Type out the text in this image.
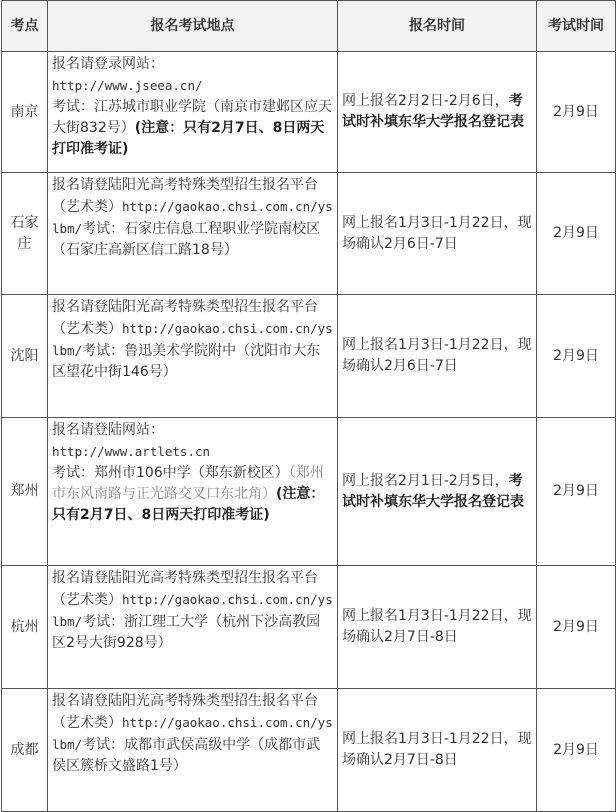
考点	报名考试地点	报名时间	考试时间
南京	报名请登录网站：
http://www.jseea.cn/
考试：江苏城市职业学院（南京市建邺区应天大街832号）(注意：只有2月7日、8日两天打印准考证)	网上报名2月2日-2月6日，考试时补填东华大学报名登记表	2月9日
石家庄	报名请登陆阳光高考特殊类型招生报名平台（艺术类）http://gaokao.chsi.com.cn/yslbm/考试：石家庄信息工程职业学院南校区（石家庄高新区信工路18号）	网上报名1月3日-1月22日，现场确认2月6日-7日	2月9日
沈阳	报名请登陆阳光高考特殊类型招生报名平台（艺术类）http://gaokao.chsi.com.cn/yslbm/考试：鲁迅美术学院附中（沈阳市大东区望花中街146号）	网上报名1月3日-1月22日，现场确认2月6日-7日	2月9日
郑州	报名请登陆网站：
http://www.artlets.cn
考试：郑州市106中学（郑东新校区）（郑州市东风南路与正光路交叉口东北角）(注意：只有2月7日、8日两天打印准考证)	网上报名2月1日-2月5日，考试时补填东华大学报名登记表	2月9日
杭州	报名请登陆阳光高考特殊类型招生报名平台（艺术类）http://gaokao.chsi.com.cn/yslbm/考试：浙江理工大学（杭州下沙高教园区2号大街928号）	网上报名1月3日-1月22日，现场确认2月7日-8日	2月9日
成都	报名请登陆阳光高考特殊类型招生报名平台（艺术类）http://gaokao.chsi.com.cn/yslbm/考试：成都市武侯高级中学（成都市武侯区簇桥文盛路1号）	网上报名1月3日-1月22日，现场确认2月7日-8日	2月9日
